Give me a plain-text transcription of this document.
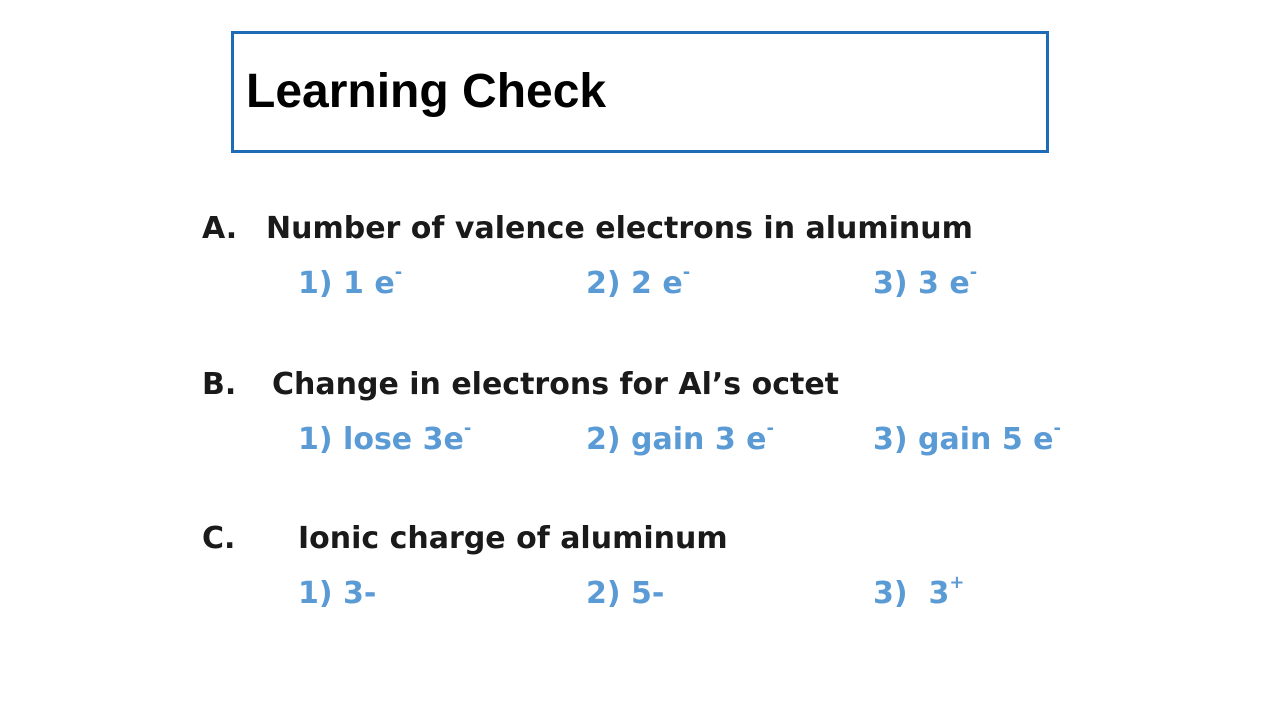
Learning Check
A. Number of valence electrons in aluminum
1) 1 e-	2) 2 e-	3) 3 e-
B. Change in electrons for Al’s octet
1) lose 3e-	2) gain 3 e-	3) gain 5 e-
C. Ionic charge of aluminum
1) 3-	2) 5-	3)  3+
